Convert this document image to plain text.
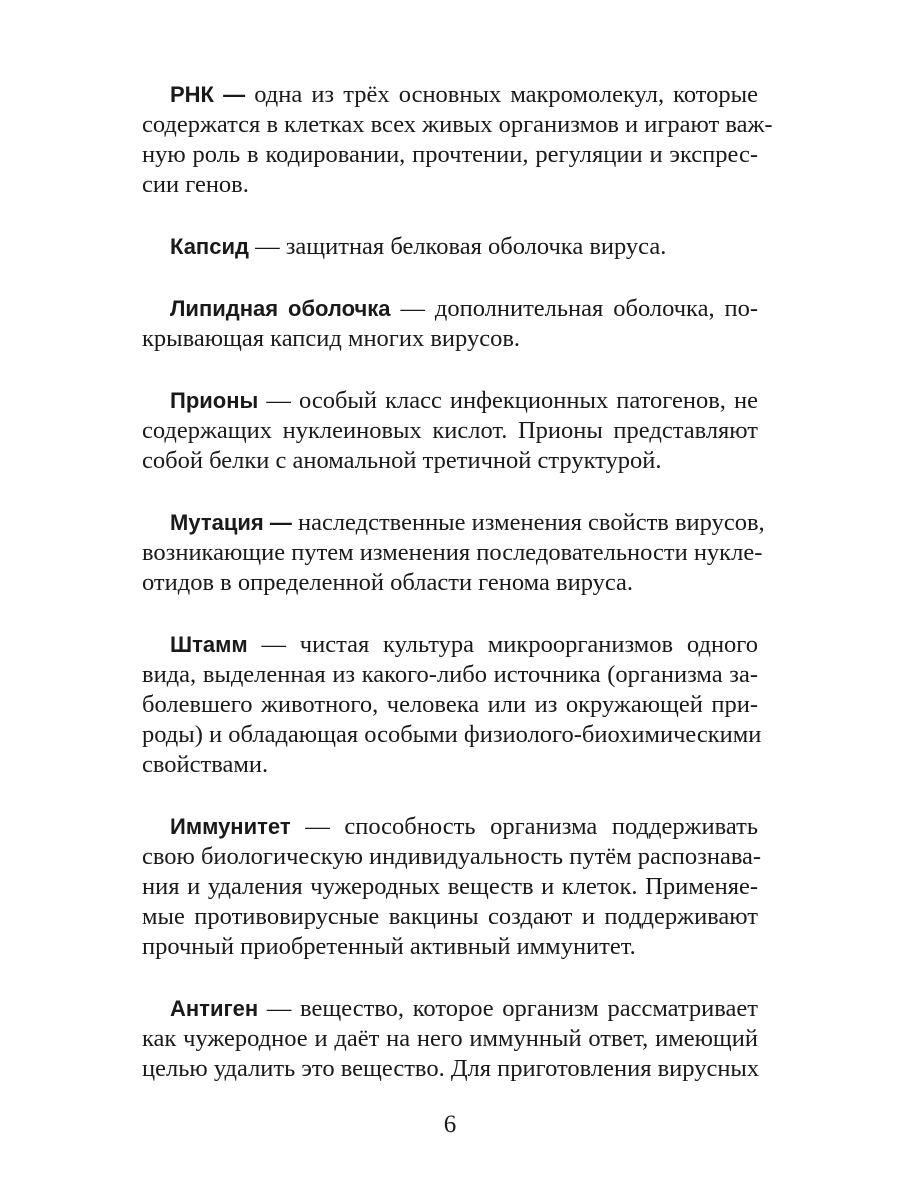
РНК — одна из трёх основных макромолекул, которые
содержатся в клетках всех живых организмов и играют важ-
ную роль в кодировании, прочтении, регуляции и экспрес-
сии генов.
Капсид — защитная белковая оболочка вируса.
Липидная оболочка — дополнительная оболочка, по-
крывающая капсид многих вирусов.
Прионы — особый класс инфекционных патогенов, не
содержащих нуклеиновых кислот. Прионы представляют
собой белки с аномальной третичной структурой.
Мутация — наследственные изменения свойств вирусов,
возникающие путем изменения последовательности нукле-
отидов в определенной области генома вируса.
Штамм — чистая культура микроорганизмов одного
вида, выделенная из какого-либо источника (организма за-
болевшего животного, человека или из окружающей при-
роды) и обладающая особыми физиолого-биохимическими
свойствами.
Иммунитет — способность организма поддерживать
свою биологическую индивидуальность путём распознава-
ния и удаления чужеродных веществ и клеток. Применяе-
мые противовирусные вакцины создают и поддерживают
прочный приобретенный активный иммунитет.
Антиген — вещество, которое организм рассматривает
как чужеродное и даёт на него иммунный ответ, имеющий
целью удалить это вещество. Для приготовления вирусных
6
